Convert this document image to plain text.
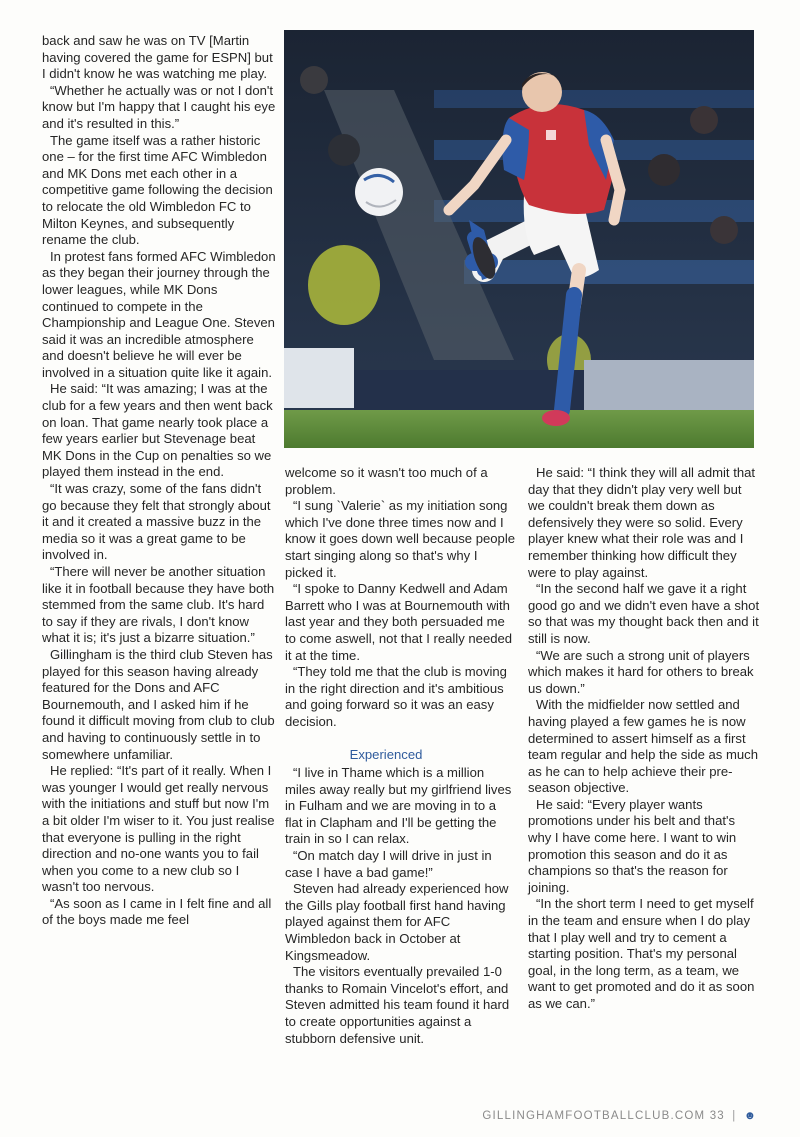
back and saw he was on TV [Martin having covered the game for ESPN] but I didn't know he was watching me play.

“Whether he actually was or not I don't know but I'm happy that I caught his eye and it's resulted in this.”

The game itself was a rather historic one – for the first time AFC Wimbledon and MK Dons met each other in a competitive game following the decision to relocate the old Wimbledon FC to Milton Keynes, and subsequently rename the club.

In protest fans formed AFC Wimbledon as they began their journey through the lower leagues, while MK Dons continued to compete in the Championship and League One. Steven said it was an incredible atmosphere and doesn't believe he will ever be involved in a situation quite like it again.

He said: “It was amazing; I was at the club for a few years and then went back on loan. That game nearly took place a few years earlier but Stevenage beat MK Dons in the Cup on penalties so we played them instead in the end.

“It was crazy, some of the fans didn't go because they felt that strongly about it and it created a massive buzz in the media so it was a great game to be involved in.

“There will never be another situation like it in football because they have both stemmed from the same club. It's hard to say if they are rivals, I don't know what it is; it's just a bizarre situation.”

Gillingham is the third club Steven has played for this season having already featured for the Dons and AFC Bournemouth, and I asked him if he found it difficult moving from club to club and having to continuously settle in to somewhere unfamiliar.

He replied: “It's part of it really. When I was younger I would get really nervous with the initiations and stuff but now I'm a bit older I'm wiser to it. You just realise that everyone is pulling in the right direction and no-one wants you to fail when you come to a new club so I wasn't too nervous.

“As soon as I came in I felt fine and all of the boys made me feel

welcome so it wasn't too much of a problem.

“I sung `Valerie` as my initiation song which I've done three times now and I know it goes down well because people start singing along so that's why I picked it.

“I spoke to Danny Kedwell and Adam Barrett who I was at Bournemouth with last year and they both persuaded me to come aswell, not that I really needed it at the time.

“They told me that the club is moving in the right direction and it's ambitious and going forward so it was an easy decision.

Experienced

“I live in Thame which is a million miles away really but my girlfriend lives in Fulham and we are moving in to a flat in Clapham and I'll be getting the train in so I can relax.

“On match day I will drive in just in case I have a bad game!”

Steven had already experienced how the Gills play football first hand having played against them for AFC Wimbledon back in October at Kingsmeadow.

The visitors eventually prevailed 1-0 thanks to Romain Vincelot's effort, and Steven admitted his team found it hard to create opportunities against a stubborn defensive unit.

He said: “I think they will all admit that day that they didn't play very well but we couldn't break them down as defensively they were so solid. Every player knew what their role was and I remember thinking how difficult they were to play against.

“In the second half we gave it a right good go and we didn't even have a shot so that was my thought back then and it still is now.

“We are such a strong unit of players which makes it hard for others to break us down.”

With the midfielder now settled and having played a few games he is now determined to assert himself as a first team regular and help the side as much as he can to help achieve their pre-season objective.

He said: “Every player wants promotions under his belt and that's why I have come here. I want to win promotion this season and do it as champions so that's the reason for joining.

“In the short term I need to get myself in the team and ensure when I do play that I play well and try to cement a starting position. That's my personal goal, in the long term, as a team, we want to get promoted and do it as soon as we can.”

GILLINGHAMFOOTBALLCLUB.COM 33 | ☻
